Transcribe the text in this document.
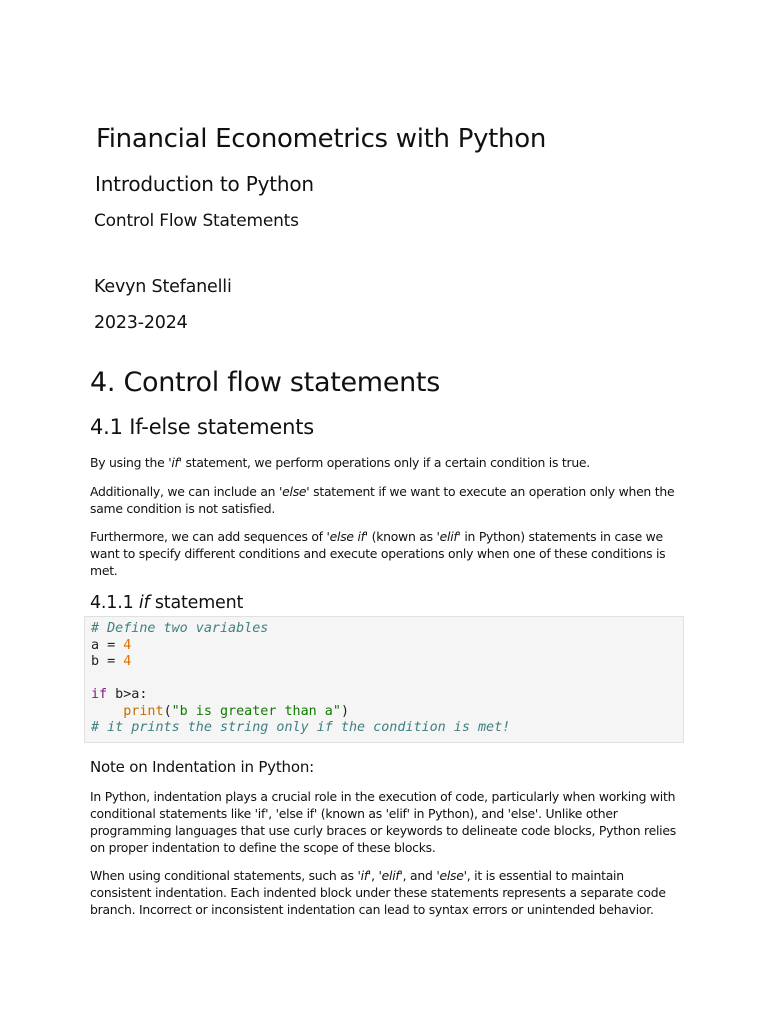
Financial Econometrics with Python
Introduction to Python
Control Flow Statements
Kevyn Stefanelli
2023-2024
4. Control flow statements
4.1 If-else statements

By using the 'if' statement, we perform operations only if a certain condition is true.

Additionally, we can include an 'else' statement if we want to execute an operation only when the same condition is not satisfied.

Furthermore, we can add sequences of 'else if' (known as 'elif' in Python) statements in case we want to specify different conditions and execute operations only when one of these conditions is met.

4.1.1 if statement
# Define two variables
a = 4
b = 4
if b>a:
print("b is greater than a")
# it prints the string only if the condition is met!
Note on Indentation in Python:

In Python, indentation plays a crucial role in the execution of code, particularly when working with conditional statements like 'if', 'else if' (known as 'elif' in Python), and 'else'. Unlike other programming languages that use curly braces or keywords to delineate code blocks, Python relies on proper indentation to define the scope of these blocks.

When using conditional statements, such as 'if', 'elif', and 'else', it is essential to maintain consistent indentation. Each indented block under these statements represents a separate code branch. Incorrect or inconsistent indentation can lead to syntax errors or unintended behavior.
